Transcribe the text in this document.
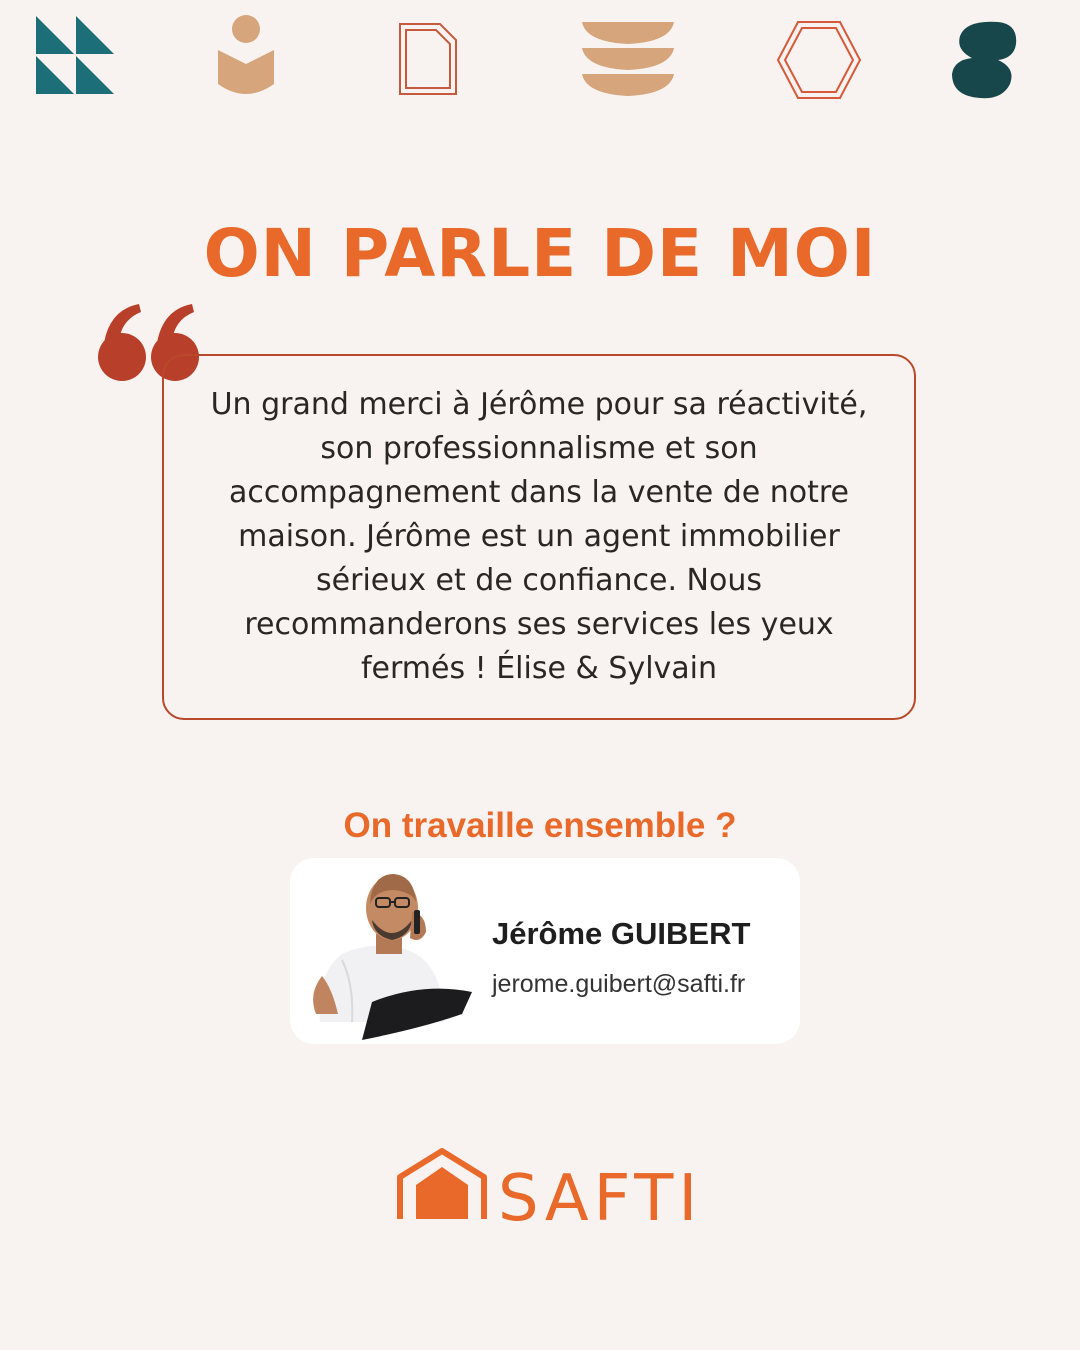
ON PARLE DE MOI
Un grand merci à Jérôme pour sa réactivité, son professionnalisme et son accompagnement dans la vente de notre maison. Jérôme est un agent immobilier sérieux et de confiance. Nous recommanderons ses services les yeux fermés ! Élise & Sylvain
On travaille ensemble ?
Jérôme GUIBERT
jerome.guibert@safti.fr
SAFTI
